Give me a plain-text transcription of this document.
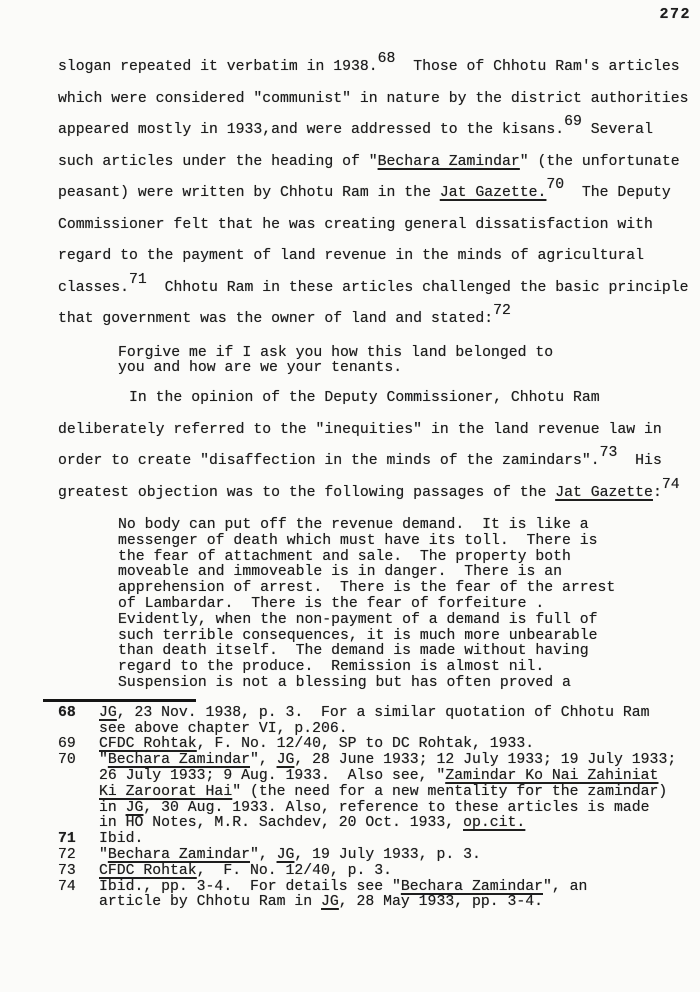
272
slogan repeated it verbatim in 1938.68  Those of Chhotu Ram's articles
which were considered "communist" in nature by the district authorities
appeared mostly in 1933,and were addressed to the kisans.69 Several
such articles under the heading of "Bechara Zamindar" (the unfortunate
peasant) were written by Chhotu Ram in the Jat Gazette.70  The Deputy
Commissioner felt that he was creating general dissatisfaction with
regard to the payment of land revenue in the minds of agricultural
classes.71  Chhotu Ram in these articles challenged the basic principle
that government was the owner of land and stated:72
Forgive me if I ask you how this land belonged to
you and how are we your tenants.
In the opinion of the Deputy Commissioner, Chhotu Ram
deliberately referred to the "inequities" in the land revenue law in
order to create "disaffection in the minds of the zamindars".73  His
greatest objection was to the following passages of the Jat Gazette:74
No body can put off the revenue demand.  It is like a
messenger of death which must have its toll.  There is
the fear of attachment and sale.  The property both
moveable and immoveable is in danger.  There is an
apprehension of arrest.  There is the fear of the arrest
of Lambardar.  There is the fear of forfeiture .
Evidently, when the non-payment of a demand is full of
such terrible consequences, it is much more unbearable
than death itself.  The demand is made without having
regard to the produce.  Remission is almost nil.
Suspension is not a blessing but has often proved a
68	JG, 23 Nov. 1938, p. 3.  For a similar quotation of Chhotu Ram
see above chapter VI, p.206.
69	CFDC Rohtak, F. No. 12/40, SP to DC Rohtak, 1933.
70	"Bechara Zamindar", JG, 28 June 1933; 12 July 1933; 19 July 1933;
26 July 1933; 9 Aug. 1933.  Also see, "Zamindar Ko Nai Zahiniat
Ki Zaroorat Hai" (the need for a new mentality for the zamindar)
in JG, 30 Aug. 1933. Also, reference to these articles is made
in HO Notes, M.R. Sachdev, 20 Oct. 1933, op.cit.
71	Ibid.
72	"Bechara Zamindar", JG, 19 July 1933, p. 3.
73	CFDC Rohtak,  F. No. 12/40, p. 3.
74	Ibid., pp. 3-4.  For details see "Bechara Zamindar", an
article by Chhotu Ram in JG, 28 May 1933, pp. 3-4.
